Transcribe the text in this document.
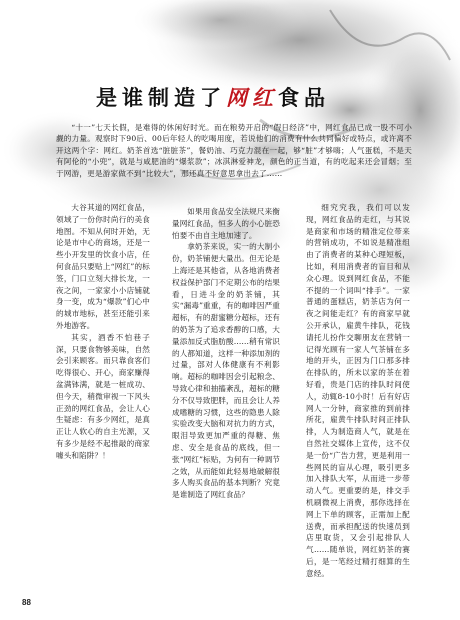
是谁制造了网红食品

“十一”七天长假，是难得的休闲好时光。而在粮势开启的“假日经济”中，网红食品已成一股不可小觑的力量。观察时下90后、00后年轻人的吃喝用度，若说他们的消费有什么共同偏好或特点，或许离不开这两个字：网红。奶茶首选“脏脏茶”，餐奶油、巧克力混在一起，够“脏”才够嗨；人气蛋糕，不是天有阿伦的“小兜”，就是与咸肥油的“爆浆款”；冰淇淋爱神龙，颜色的正当道，有的吃起来还会冒烟；至于网游，更是游家做不到“比较大”，那还真不好意思拿出去了……

大谷其道的网红食品，领域了一份你时尚行的美食地图。不知从何时开始，无论是市中心的商场，还是一些小开发里的饮食小店，任何食品只要贴上“网红”的标签，门口立刻大排长龙，一夜之间，一家家小小店铺就身一变，成为“爆款”们心中的城市地标，甚至还能引来外地游客。

其实，酒香不怕巷子深，只要食物够美味，自然会引来顾客。而只靠食客们吃得很心、开心，商家赚得盆满钵满，就是一桩成功、但今天，稍微审视一下风头正劲的网红食品，会让人心生疑虑：有多少网红，是真正让人软心的自主光源，又有多少是经不起推敲的商家噱头和陷阱？！

如果用食品安全法规尺来衡量网红食品，恒多人的小心脏恐怕要不由自主地加速了。

拿奶茶来说，实一的大制小份，奶茶铺便大量出。但无论是上海还是其他省，从各地消费者权益保护部门不定期公布的结果看，日进斗金的奶茶铺，其实“漏毒”重重，有的咖啡因严重超标，有的甜蜜糖分超标，还有的奶茶为了追求香醇的口感，大量添加反式脂肪酸……稍有常识的人都知道，这样一种添加剂的过量，部对人体健康有不利影响。超标的咖啡因会引起粮念、导致心律和抽搐紊乱，超标的糖分不仅导致肥胖，而且会让人养成嗜糖的习惯，这些的隐患人除实验改变大脑和对抗力的方式，眼泪导致更加严重的得糖、焦虑、安全是食品的底线，但一张“网红”标贴，为何有一种调节之效，从而能如此轻易地破解很多人购买食品的基本判断？究竟是谁制造了网红食品？

细究究我，我们可以发现，网红食品的走红，与其说是商家和市场的精准定位带来的营销成功，不如说是精准组由了消费者的某种心理短板，比如，利用消费者的盲目和从众心理。说到网红食品，不能不提的一个词叫“排手”。一家普通的蛋糕店，奶茶店为何一夜之间能走红？有的商家早就公开承认，雇黄牛排队，花钱请托儿扮作交聊朋友在营销一记得光顾有一家人气茶铺在多地的开头，正因为门口那多排在排队的，所未以家的茶在着好看，贵是门店的排队时间使人，动辄8-10小时！后有好店网人一分钟，商家推的到前排所花，雇黄牛排队时间正排队排，人为制造商人气，就是在自然社交媒体上宣传，这不仅是一份“广告力营，更是利用一些网民的盲从心理，吸引更多加入排队大军，从而进一步带动人气。更重要的是，排交手机刷微视上消费，那你选择在网上下单的顾客，正需加上配送费，而承担配送的快速员到店里取货，又会引起排队人气……随单说，网红奶茶的赛后，是一笔经过精打细算的生意经。

88
